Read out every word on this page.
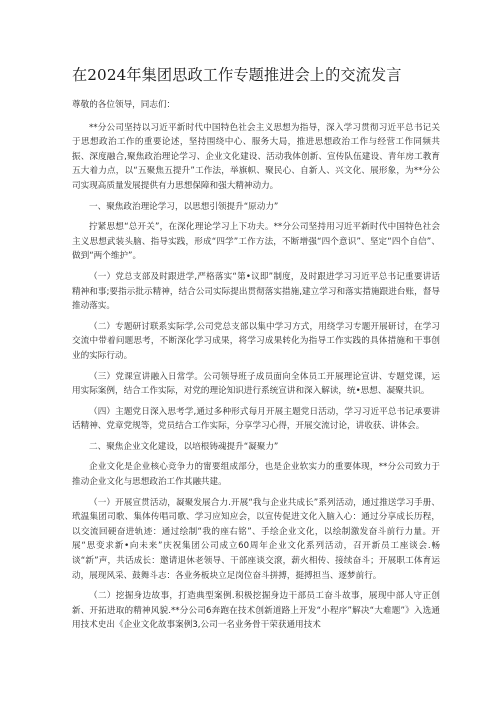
在2024年集团思政工作专题推进会上的交流发言

尊敬的各位领导，同志们：

**分公司坚持以习近平新时代中国特色社会主义思想为指导，深入学习贯彻习近平总书记关于思想政治工作的重要论述，坚持围绕中心、服务大局，推进思想政治工作与经营工作同频共振、深度融合,聚焦政治理论学习、企业文化建设、活动我体创新、宣传队伍建设、青年房工教育五大着力点，以“五聚焦五提升”工作法，举旗帜、聚民心、自新人、兴文化、展形象，为**分公司实现高质量发展提供有力思想保障和强大精神动力。

一、聚焦政治理论学习，以思想引领提升“原动力”

拧紧思想“总开关”，在深化理论学习上下功夫。**分公司坚持用习近平新时代中国特色社会主义思想武装头脑、指导实践，形成“四学”工作方法，不断增强“四个意识”、坚定“四个自信”、做到“两个维护”。

（一）党总支部及时跟进学,严格落实“第•议即”制度，及时跟进学习习近平总书记重要讲话精神和事;要指示批示精神，结合公司实际提出贯彻落实措施,建立学习和落实措施跟进台账，督导推动落实。

（二）专题研讨联系实际学,公司党总支部以集中学习方式，用绕学习专题开展研讨，在学习交流中带着问题思考，不断深化学习成果，将学习成果转化为指导工作实践的具体措施和干事创业的实际行动。

（三）党课宣讲融入日常学。公司领导班子成员面向全体员工开展理论宣讲、专题党课，运用实际案例，结合工作实际，对党的理论知识进行系统宣讲和深入解读，统•思想、凝聚共识。

（四）主题党日深入思考学,通过多种形式每月开展主题党日活动，学习习近平总书记承要讲话精神、党章党规等，党员结合工作实际，分享学习心得，开展交流讨论，讲收获、讲体会。

二、聚焦企业文化建设，以培根铸魂提升“凝聚力”

企业文化是企业核心竞争力的甯要组成部分，也是企业软实力的重要体现，**分公司致力于推动企业文化与思想政治工作其融共建。

（一）开展宣贯活动，凝聚发展合力.开展“我与企业共成长”系列活动，通过推送学习手册、玳温集团司歌、集体传唱司歌、学习应知应会，以宣传促进文化入脑入心：通过分享成长历程，以交流回硬奋进轨迹：通过绘制“我的座右铭”、手绘企业文化，以绘制激发奋斗前行力量。开展“思变求新•向未来”庆祝集团公司成立60周年企业文化系列活动，召开新员工座谈会.畅谈“新”声，共话成长：邀请退休老领导、干部座谈交滾，薪火相传、接续奋斗；开展职工体育运动，展现风采、鼓舞斗志：各业务板块立足岗位奋斗拼搏，挺搏担当、逐梦前行。

（二）挖掘身边故事，打造典型案例.积极挖掘身边干部员工奋斗故事，展现中部人守正创新、开拓进取的精神风貌.**分公司6奔跑在技术创新道路上开发“小程序”解决“大难题”》入选通用技术史出《企业文化故事案例3,公司一名业务骨干荣获通用技术
